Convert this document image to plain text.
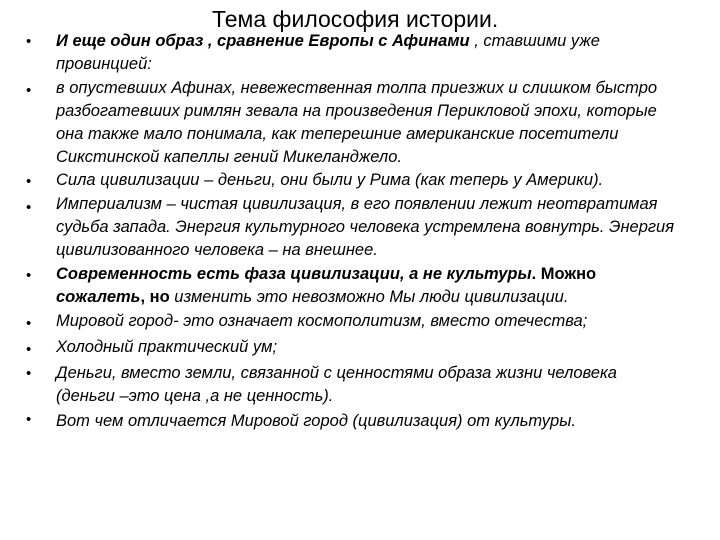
Тема философия истории.
•
•
•
•
•
•
•
•
•
И еще один образ , сравнение Европы с Афинами , ставшими уже
провинцией:
в опустевших Афинах, невежественная толпа приезжих и слишком быстро
разбогатевших римлян зевала на произведения Перикловой эпохи, которые
она также мало понимала, как теперешние американские посетители
Сикстинской капеллы гений Микеланджело.
Сила цивилизации – деньги, они были у Рима (как теперь у Америки).
Империализм – чистая цивилизация, в его появлении лежит неотвратимая
судьба запада. Энергия культурного человека устремлена вовнутрь. Энергия
цивилизованного человека – на внешнее.
Современность есть фаза цивилизации, а не культуры. Можно
сожалеть, но изменить это невозможно Мы люди цивилизации.
Мировой город- это означает космополитизм, вместо отечества;
Холодный практический ум;
Деньги, вместо земли, связанной с ценностями образа жизни человека
(деньги –это цена ,а не ценность).
Вот чем отличается Мировой город (цивилизация) от культуры.
